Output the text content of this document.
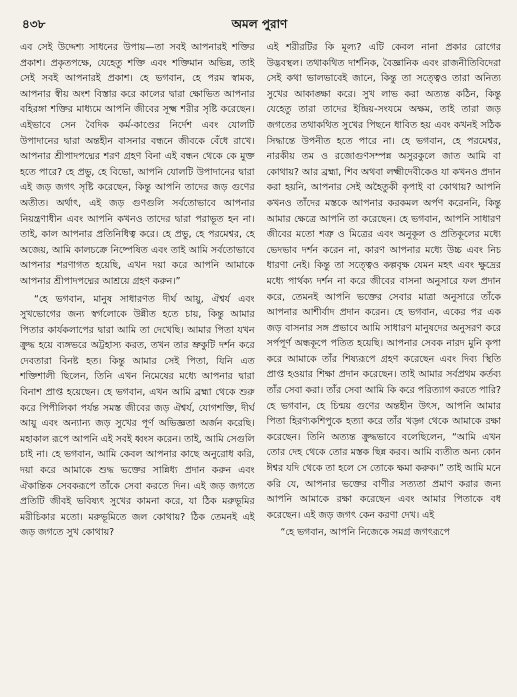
৪৩৮	অমল পুরাণ

এব সেই উদ্দেশ্য সাধনের উপায়—তা সবই আপনারই শক্তির প্রকাশ। প্রকৃতপক্ষে, যেহেতু শক্তি এবং শক্তিমান অভিন্ন, তাই সেই সবই আপনারই প্রকাশ। হে ভগবান, হে পরম স্বামক, আপনার স্বীয় অংশ বিস্তার করে কালের দ্বারা ক্ষোভিত আপনার বহিরঙ্গা শক্তির মাধ্যমে আপনি জীবের সূক্ষ্ম শরীর সৃষ্টি করেছেন। এইভাবে সেন বৈদিক কর্ম-কাণ্ডের নির্দেশ এবং যোলটি উপাদানের দ্বারা অন্তহীন বাসনার বন্ধনে জীবকে বেঁধে রাখে। আপনার শ্রীপাদপদ্মের শরণ গ্রহণ বিনা এই বন্ধন থেকে কে মুক্ত হতে পারে? হে প্রভু, হে বিভো, আপনি যোলটি উপাদানের দ্বারা এই জড় জগৎ সৃষ্টি করেছেন, কিন্তু আপনি তাদের জড় গুণের অতীত। অর্থাৎ, এই জড় গুণগুলি সর্বতোভাবে আপনার নিয়ন্ত্রণাধীন এবং আপনি কখনও তাদের দ্বারা পরাভূত হন না। তাই, কাল আপনার প্রতিনিধিত্ব করে। হে প্রভু, হে পরমেশ্বর, হে অজেয়, আমি কালচক্রে নিষ্পেষিত এবং তাই আমি সর্বতোভাবে আপনার শরণাগত হয়েছি, এখন দয়া করে আপনি আমাকে আপনার শ্রীপাদপদ্মের আশ্রয়ে গ্রহণ করুন।”

“হে ভগবান, মানুষ সাধারণত দীর্ঘ আয়ু, ঐশ্বর্য এবং সুখভোগের জন্য স্বর্গলোকে উন্নীত হতে চায়, কিন্তু আমার পিতার কার্যকলাপের দ্বারা আমি তা দেখেছি। আমার পিতা যখন ক্রুদ্ধ হয়ে ব্যঙ্গভরে অট্টহাস্য করত, তখন তার ভ্রুকুটি দর্শন করে দেবতারা বিনষ্ট হত। কিন্তু আমার সেই পিতা, যিনি এত শক্তিশালী ছিলেন, তিনি এখন নিমেষের মধ্যে আপনার দ্বারা বিনাশ প্রাপ্ত হয়েছেন। হে ভগবান, এখন আমি ব্রহ্মা থেকে শুরু করে পিপীলিকা পর্যন্ত সমস্ত জীবের জড় ঐশ্বর্য, যোগশক্তি, দীর্ঘ আয়ু এবং অন্যান্য জড় সুখের পূর্ণ অভিজ্ঞতা অর্জন করেছি। মহাকাল রূপে আপনি এই সবই ধ্বংস করেন। তাই, আমি সেগুলি চাই না। হে ভগবান, আমি কেবল আপনার কাছে অনুরোধ করি, দয়া করে আমাকে শুদ্ধ ভক্তের সান্নিধ্য প্রদান করুন এবং ঐকান্তিক সেবকরূপে তাঁকে সেবা করতে দিন। এই জড় জগতে প্রতিটি জীবই ভবিষ্যৎ সুখের কামনা করে, যা ঠিক মরুভূমির মরীচিকার মতো। মরুভূমিতে জল কোথায়? ঠিক তেমনই এই জড় জগতে সুখ কোথায়?

এই শরীরটির কি মূল্য? এটি কেবল নানা প্রকার রোগের উদ্ভবস্থল। তথাকথিত দার্শনিক, বৈজ্ঞানিক এবং রাজনীতিবিদেরা সেই কথা ভালভাবেই জানে, কিন্তু তা সত্ত্বেও তারা অনিত্য সুখের আকাঙ্ক্ষা করে। সুখ লাভ করা অত্যন্ত কঠিন, কিন্তু যেহেতু তারা তাদের ইন্দ্রিয়-সংযমে অক্ষম, তাই তারা জড় জগতের তথাকথিত সুখের পিছনে ধাবিত হয় এবং কখনই সঠিক সিদ্ধান্তে উপনীত হতে পারে না। হে ভগবান, হে পরমেশ্বর, নারকীয় তম ও রজোগুণসম্পন্ন অসুরকুলে জাত আমি বা কোথায়? আর ব্রহ্মা, শিব অথবা লক্ষ্মীদেবীকেও যা কখনও প্রদান করা হয়নি, আপনার সেই অহৈতুকী কৃপাই বা কোথায়? আপনি কখনও তাঁদের মস্তকে আপনার করকমল অর্পণ করেননি, কিন্তু আমার ক্ষেত্রে আপনি তা করেছেন। হে ভগবান, আপনি সাধারণ জীবের মতো শত্রু ও মিত্রের এবং অনুকূল ও প্রতিকূলের মধ্যে ভেদভাব দর্শন করেন না, কারণ আপনার মধ্যে উচ্চ এবং নিচ ধারণা নেই। কিন্তু তা সত্ত্বেও কল্পবৃক্ষ যেমন মহৎ এবং ক্ষুদ্রের মধ্যে পার্থক্য দর্শন না করে জীবের বাসনা অনুসারে ফল প্রদান করে, তেমনই আপনি ভক্তের সেবার মাত্রা অনুসারে তাঁকে আপনার আশীর্বাদ প্রদান করেন। হে ভগবান, একের পর এক জড় বাসনার সঙ্গ প্রভাবে আমি সাধারণ মানুষদের অনুসরণ করে সর্পপূর্ণ অন্ধকূপে পতিত হয়েছি। আপনার সেবক নারদ মুনি কৃপা করে আমাকে তাঁর শিষ্যরূপে গ্রহণ করেছেন এবং দিব্য স্থিতি প্রাপ্ত হওয়ার শিক্ষা প্রদান করেছেন। তাই আমার সর্বপ্রথম কর্তব্য তাঁর সেবা করা। তাঁর সেবা আমি কি করে পরিত্যাগ করতে পারি? হে ভগবান, হে চিন্ময় গুণের অন্তহীন উৎস, আপনি আমার পিতা হিরণ্যকশিপুকে হত্যা করে তাঁর খড়্গ থেকে আমাকে রক্ষা করেছেন। তিনি অত্যন্ত ক্রুদ্ধভাবে বলেছিলেন, “আমি এখন তোর দেহ থেকে তোর মস্তক ছিন্ন করব। আমি ব্যতীত অন্য কোন ঈশ্বর যদি থেকে তা হলে সে তোকে ক্ষমা করুক।” তাই আমি মনে করি যে, আপনার ভক্তের বাণীর সত্যতা প্রমাণ করার জন্য আপনি আমাকে রক্ষা করেছেন এবং আমার পিতাকে বধ করেছেন। এই জড় জগৎ কেন করণা দেখ। এই

“হে ভগবান, আপনি নিজেকে সমগ্র জগৎরূপে
